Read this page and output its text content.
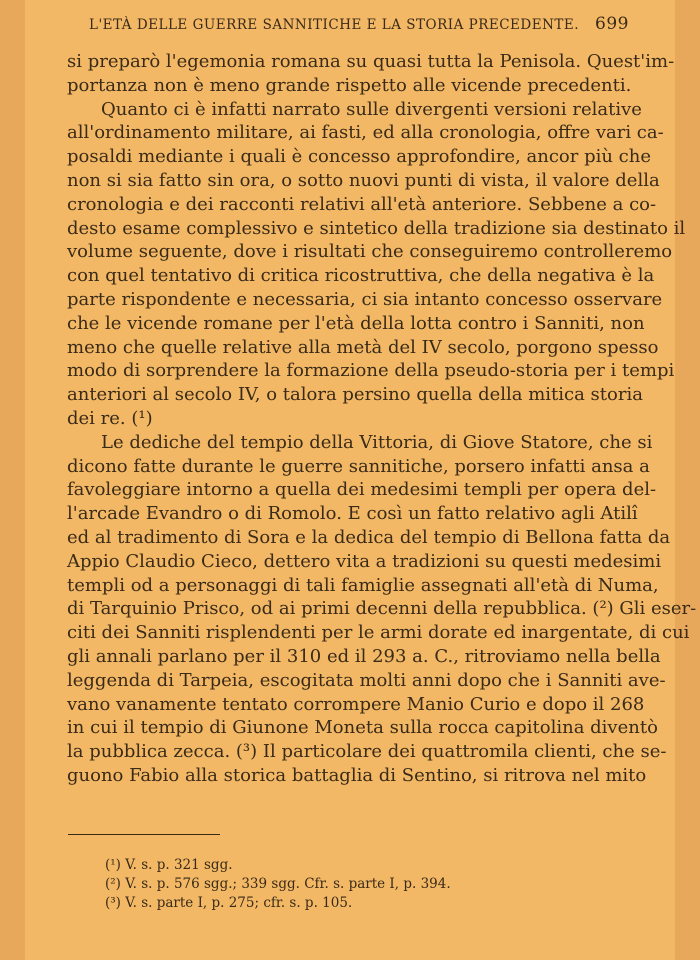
L'ETÀ DELLE GUERRE SANNITICHE E LA STORIA PRECEDENTE. 699
si preparò l'egemonia romana su quasi tutta la Penisola. Quest'im-
portanza non è meno grande rispetto alle vicende precedenti.
Quanto ci è infatti narrato sulle divergenti versioni relative
all'ordinamento militare, ai fasti, ed alla cronologia, offre vari ca-
posaldi mediante i quali è concesso approfondire, ancor più che
non si sia fatto sin ora, o sotto nuovi punti di vista, il valore della
cronologia e dei racconti relativi all'età anteriore. Sebbene a co-
desto esame complessivo e sintetico della tradizione sia destinato il
volume seguente, dove i risultati che conseguiremo controlleremo
con quel tentativo di critica ricostruttiva, che della negativa è la
parte rispondente e necessaria, ci sia intanto concesso osservare
che le vicende romane per l'età della lotta contro i Sanniti, non
meno che quelle relative alla metà del IV secolo, porgono spesso
modo di sorprendere la formazione della pseudo-storia per i tempi
anteriori al secolo IV, o talora persino quella della mitica storia
dei re. (¹)
Le dediche del tempio della Vittoria, di Giove Statore, che si
dicono fatte durante le guerre sannitiche, porsero infatti ansa a
favoleggiare intorno a quella dei medesimi templi per opera del-
l'arcade Evandro o di Romolo. E così un fatto relativo agli Atilî
ed al tradimento di Sora e la dedica del tempio di Bellona fatta da
Appio Claudio Cieco, dettero vita a tradizioni su questi medesimi
templi od a personaggi di tali famiglie assegnati all'età di Numa,
di Tarquinio Prisco, od ai primi decenni della repubblica. (²) Gli eser-
citi dei Sanniti risplendenti per le armi dorate ed inargentate, di cui
gli annali parlano per il 310 ed il 293 a. C., ritroviamo nella bella
leggenda di Tarpeia, escogitata molti anni dopo che i Sanniti ave-
vano vanamente tentato corrompere Manio Curio e dopo il 268
in cui il tempio di Giunone Moneta sulla rocca capitolina diventò
la pubblica zecca. (³) Il particolare dei quattromila clienti, che se-
guono Fabio alla storica battaglia di Sentino, si ritrova nel mito
(¹) V. s. p. 321 sgg.
(²) V. s. p. 576 sgg.; 339 sgg. Cfr. s. parte I, p. 394.
(³) V. s. parte I, p. 275; cfr. s. p. 105.
